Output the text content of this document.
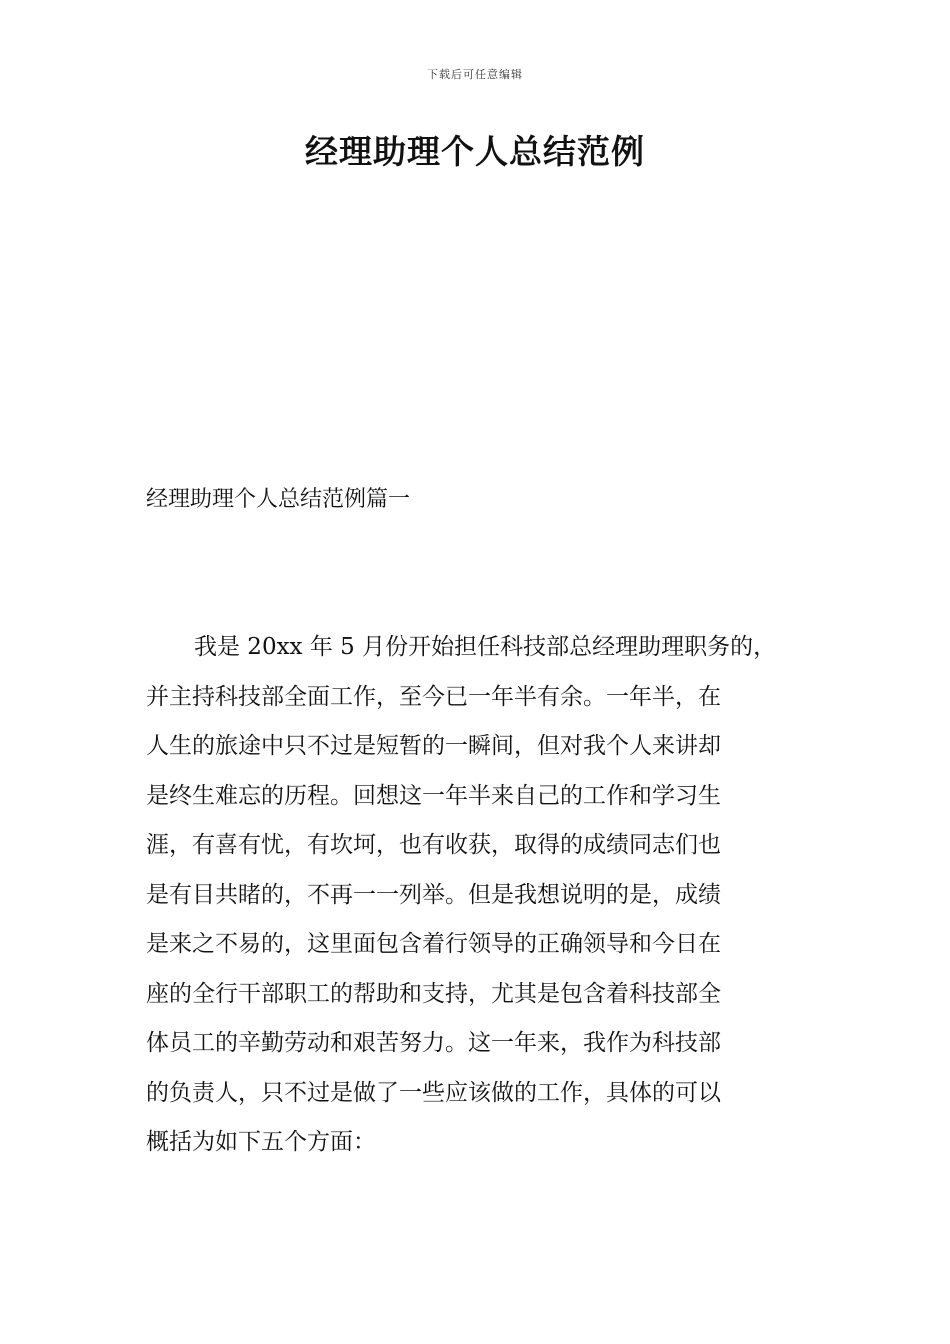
下载后可任意编辑
经理助理个人总结范例
经理助理个人总结范例篇一
我是 20xx 年 5 月份开始担任科技部总经理助理职务的，
并主持科技部全面工作，至今已一年半有余。一年半，在
人生的旅途中只不过是短暂的一瞬间，但对我个人来讲却
是终生难忘的历程。回想这一年半来自己的工作和学习生
涯，有喜有忧，有坎坷，也有收获，取得的成绩同志们也
是有目共睹的，不再一一列举。但是我想说明的是，成绩
是来之不易的，这里面包含着行领导的正确领导和今日在
座的全行干部职工的帮助和支持，尤其是包含着科技部全
体员工的辛勤劳动和艰苦努力。这一年来，我作为科技部
的负责人，只不过是做了一些应该做的工作，具体的可以
概括为如下五个方面：
